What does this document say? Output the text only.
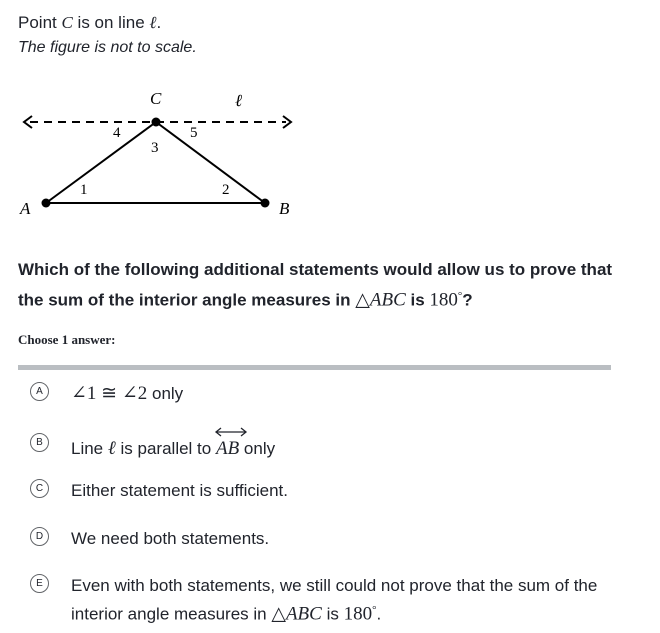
Point C is on line ℓ.
The figure is not to scale.
C	ℓ
A	B
1	2
3
4	5
Which of the following additional statements would allow us to prove that the sum of the interior angle measures in △ABC is 180°?
Choose 1 answer:
A	∠1 ≅ ∠2 only
B	Line ℓ is parallel to
AB only
C	Either statement is sufficient.
D	We need both statements.
E	Even with both statements, we still could not prove that the sum of the interior angle measures in △ABC is 180°.
